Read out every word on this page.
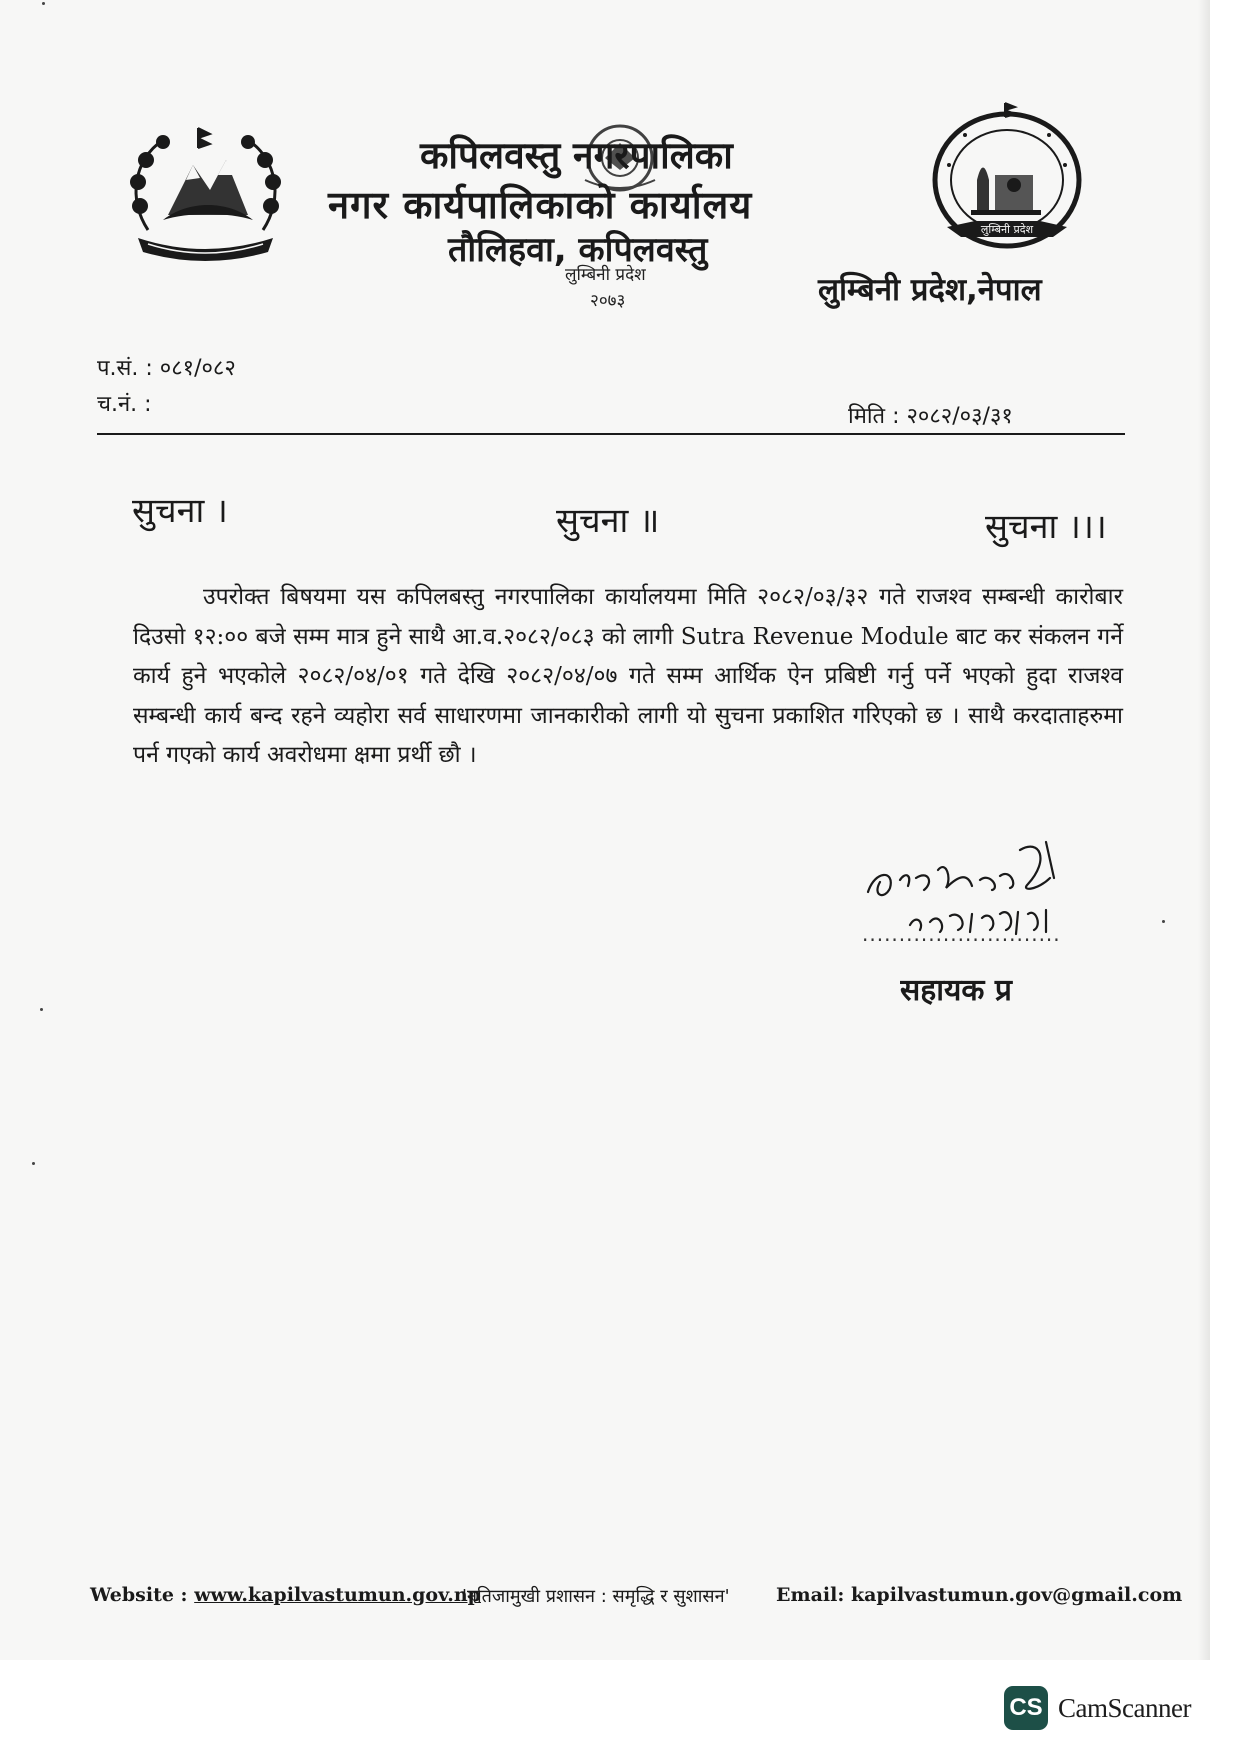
लुम्बिनी प्रदेश
कपिलवस्तु नगरपालिका
नगर कार्यपालिकाको कार्यालय
तौलिहवा, कपिलवस्तु
लुम्बिनी प्रदेश,नेपाल
लुम्बिनी प्रदेश
२०७३
प.सं. : ०८१/०८२
च.नं. :	मिति : २०८२/०३/३१
सुचना ।	सुचना ॥	सुचना ।।।
उपरोक्त बिषयमा यस कपिलबस्तु नगरपालिका कार्यालयमा मिति २०८२/०३/३२ गते राजश्व सम्बन्धी कारोबार दिउसो १२:०० बजे सम्म मात्र हुने साथै आ.व.२०८२/०८३ को लागी Sutra Revenue Module बाट कर संकलन गर्ने कार्य हुने भएकोले २०८२/०४/०१ गते देखि २०८२/०४/०७ गते सम्म आर्थिक ऐन प्रबिष्टी गर्नु पर्ने भएको हुदा राजश्व सम्बन्धी कार्य बन्द रहने व्यहोरा सर्व साधारणमा जानकारीको लागी यो सुचना प्रकाशित गरिएको छ । साथै करदाताहरुमा पर्न गएको कार्य अवरोधमा क्षमा प्रर्थी छौ ।
...........................
सहायक प्र
Website : www.kapilvastumun.gov.np
'नतिजामुखी प्रशासन : समृद्धि र सुशासन' Email: kapilvastumun.gov@gmail.com
CS CamScanner
